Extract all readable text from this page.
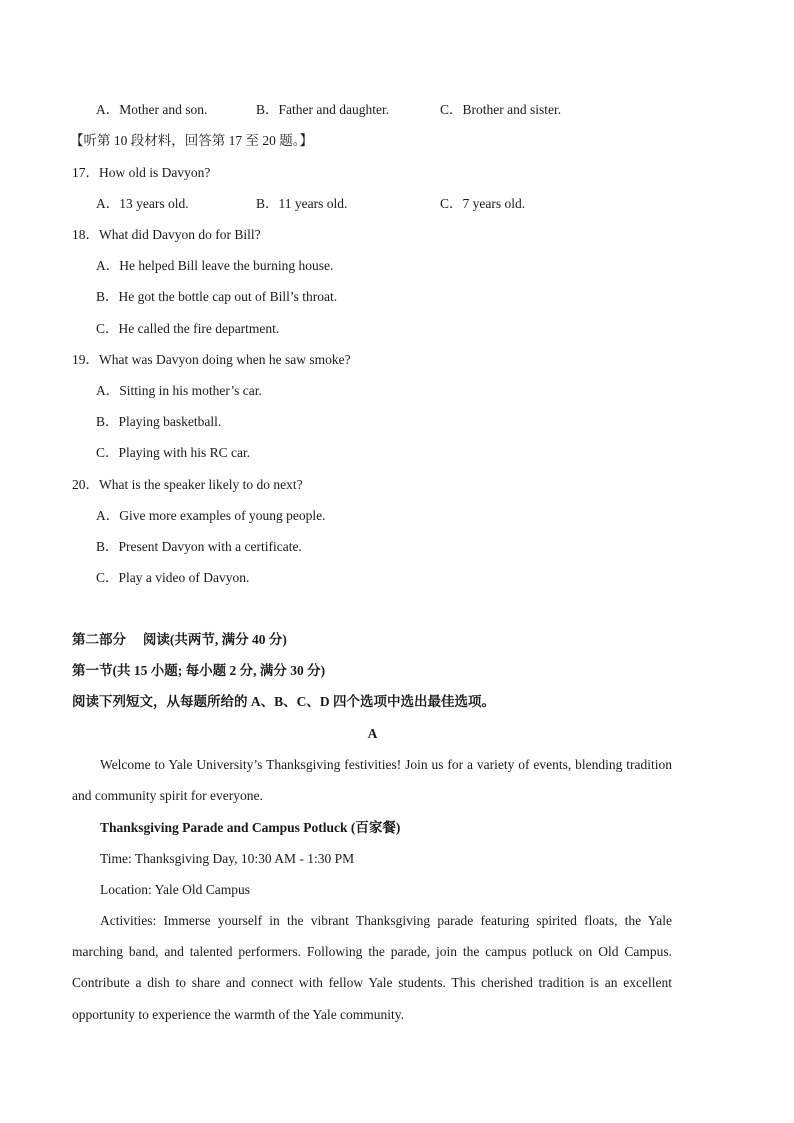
A．Mother and son.	B．Father and daughter.	C．Brother and sister.
【听第 10 段材料，回答第 17 至 20 题。】
17．How old is Davyon?
A．13 years old.	B．11 years old.	C．7 years old.
18．What did Davyon do for Bill?
A．He helped Bill leave the burning house.
B．He got the bottle cap out of Bill’s throat.
C．He called the fire department.
19．What was Davyon doing when he saw smoke?
A．Sitting in his mother’s car.
B．Playing basketball.
C．Playing with his RC car.
20．What is the speaker likely to do next?
A．Give more examples of young people.
B．Present Davyon with a certificate.
C．Play a video of Davyon.
第二部分　 阅读(共两节, 满分 40 分)
第一节(共 15 小题; 每小题 2 分, 满分 30 分)
阅读下列短文，从每题所给的 A、B、C、D 四个选项中选出最佳选项。
A
Welcome to Yale University’s Thanksgiving festivities! Join us for a variety of events, blending tradition and community spirit for everyone.
Thanksgiving Parade and Campus Potluck (百家餐)
Time: Thanksgiving Day, 10:30 AM - 1:30 PM
Location: Yale Old Campus
Activities: Immerse yourself in the vibrant Thanksgiving parade featuring spirited floats, the Yale marching band, and talented performers. Following the parade, join the campus potluck on Old Campus. Contribute a dish to share and connect with fellow Yale students. This cherished tradition is an excellent opportunity to experience the warmth of the Yale community.
